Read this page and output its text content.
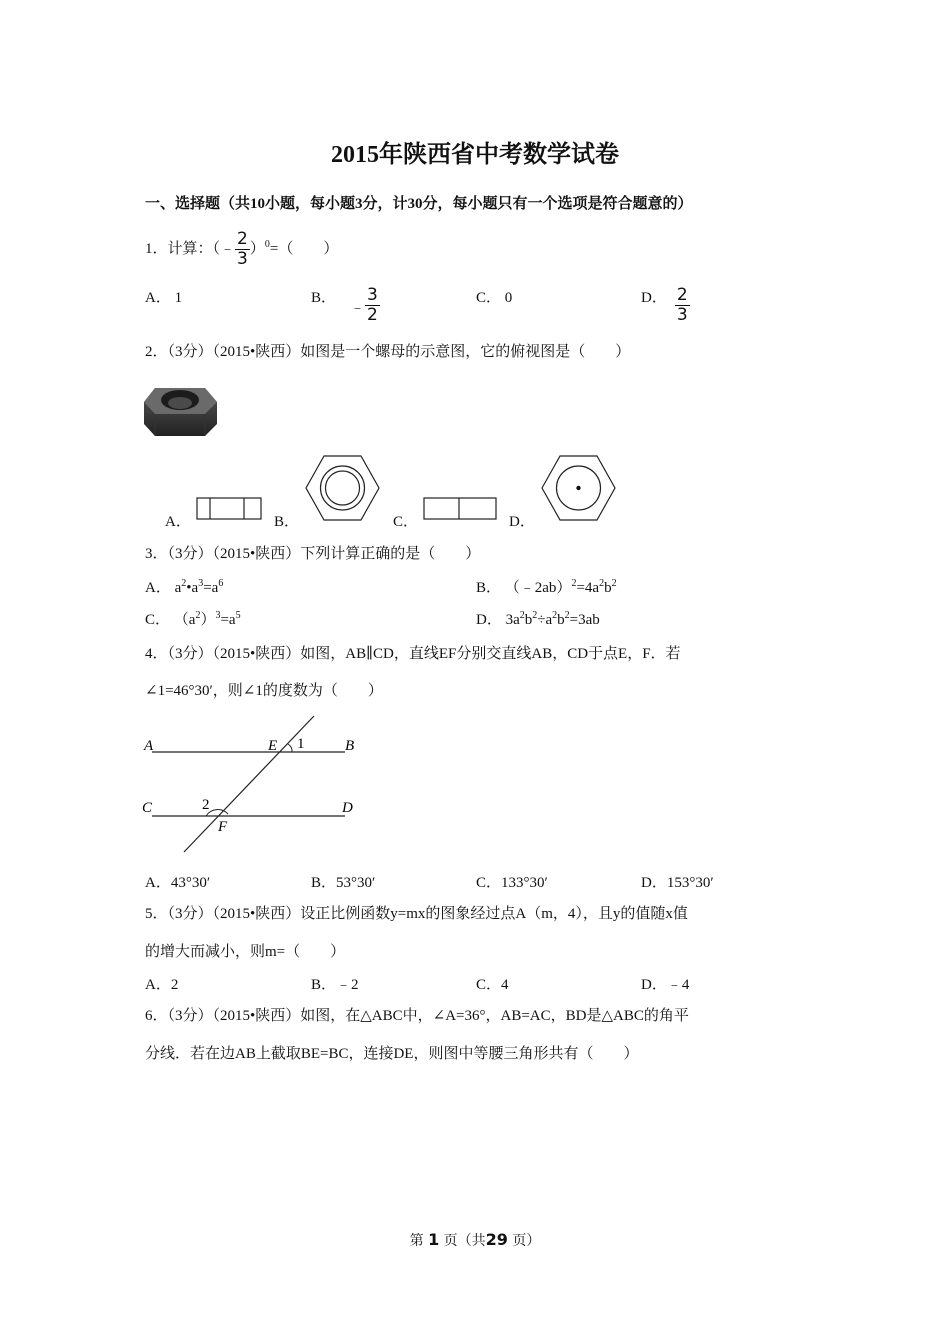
2015年陕西省中考数学试卷
一、选择题（共10小题，每小题3分，计30分，每小题只有一个选项是符合题意的）
1．计算：（﹣ $\frac{2}{3} )^0=$（　　）
A． 1	B．﹣ $\frac{3}{2}$	C． 0	D． $\frac{2}{3}$
2．（3分）（2015•陕西）如图是一个螺母的示意图，它的俯视图是（　　）
A．	B．	C．	D．
3．（3分）（2015•陕西）下列计算正确的是（　　）
A． $a^2•a^3=a^6$	B． $(﹣2ab)^2=4a^2b^2$
C． $(a^2)^3=a^5$	D． $3a^2b^2\div a^2b^2=3ab$
4．（3分）（2015•陕西）如图，AB∥CD，直线EF分别交直线AB，CD于点E，F．若
∠1=46°30′，则∠1的度数为（　　）
A	E 1	B
C	2
F
D
A．43°30′	B．53°30′	C．133°30′	D．153°30′
5．（3分）（2015•陕西）设正比例函数y=mx的图象经过点A（m，4），且y的值随x值
的增大而减小，则m=（　　）
A．2	B．﹣2	C．4	D．﹣4
6．（3分）（2015•陕西）如图，在△ABC中，∠A=36°，AB=AC，BD是△ABC的角平
分线．若在边AB上截取BE=BC，连接DE，则图中等腰三角形共有（　　）
第 1 页（共29 页）
